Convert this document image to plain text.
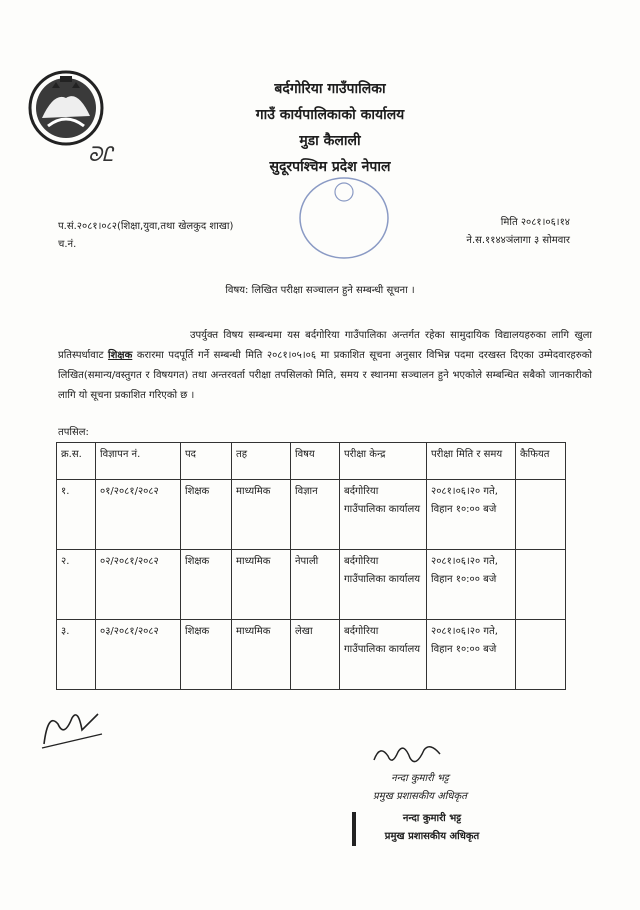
ᘐᏝ
बर्दगोरिया गाउँपालिका
गाउँ कार्यपालिकाको कार्यालय
मुडा कैलाली
सुदूरपश्चिम प्रदेश नेपाल
प.सं.२०८१।०८२(शिक्षा,युवा,तथा खेलकुद शाखा)
च.नं.
मिति २०८१।०६।१४
ने.स.११४४ञंलागा ३ सोमवार
विषय: लिखित परीक्षा सञ्चालन हुने सम्बन्धी सूचना ।
उपर्युक्त विषय सम्बन्धमा यस बर्दगोरिया गाउँपालिका अन्तर्गत रहेका सामुदायिक विद्यालयहरुका लागि खुला प्रतिस्पर्धावाट शिक्षक करारमा पदपूर्ति गर्ने सम्बन्धी मिति २०८१।०५।०६ मा प्रकाशित सूचना अनुसार विभिन्न पदमा दरखस्त दिएका उम्मेदवारहरुको लिखित(समान्य/वस्तुगत र विषयगत) तथा अन्तरवर्ता परीक्षा तपसिलको मिति, समय र स्थानमा सञ्चालन हुने भएकोले सम्बन्धित सबैको जानकारीको लागि यो सूचना प्रकाशित गरिएको छ ।
तपसिल:
क्र.स.	विज्ञापन नं.	पद	तह	विषय	परीक्षा केन्द्र	परीक्षा मिति र समय	कैफियत
१.	०१/२०८१/२०८२	शिक्षक	माध्यमिक	विज्ञान	बर्दगोरिया गाउँपालिका कार्यालय	२०८१।०६।२० गते, विहान १०:०० बजे	
२.	०२/२०८१/२०८२	शिक्षक	माध्यमिक	नेपाली	बर्दगोरिया गाउँपालिका कार्यालय	२०८१।०६।२० गते, विहान १०:०० बजे	
३.	०३/२०८१/२०८२	शिक्षक	माध्यमिक	लेखा	बर्दगोरिया गाउँपालिका कार्यालय	२०८१।०६।२० गते, विहान १०:०० बजे	
नन्दा कुमारी भट्ट
प्रमुख प्रशासकीय अधिकृत
नन्दा कुमारी भट्ट
प्रमुख प्रशासकीय अधिकृत
